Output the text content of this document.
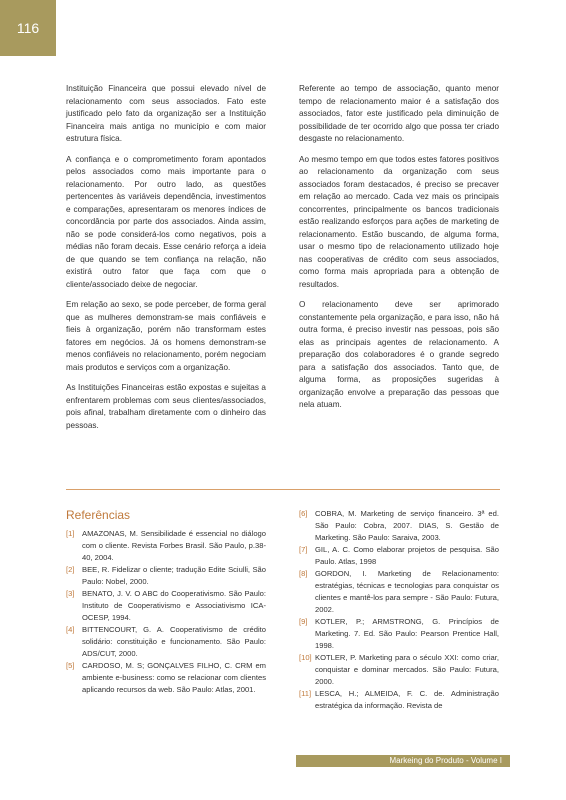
116

Instituição Financeira que possui elevado nível de relacionamento com seus associados. Fato este justificado pelo fato da organização ser a Instituição Financeira mais antiga no município e com maior estrutura física.

A confiança e o comprometimento foram apontados pelos associados como mais importante para o relacionamento. Por outro lado, as questões pertencentes às variáveis dependência, investimentos e comparações, apresentaram os menores índices de concordância por parte dos associados. Ainda assim, não se pode considerá-los como negativos, pois a médias não foram decais. Esse cenário reforça a ideia de que quando se tem confiança na relação, não existirá outro fator que faça com que o cliente/associado deixe de negociar.

Em relação ao sexo, se pode perceber, de forma geral que as mulheres demonstram-se mais confiáveis e fieis à organização, porém não transformam estes fatores em negócios. Já os homens demonstram-se menos confiáveis no relacionamento, porém negociam mais produtos e serviços com a organização.

As Instituições Financeiras estão expostas e sujeitas a enfrentarem problemas com seus clientes/associados, pois afinal, trabalham diretamente com o dinheiro das pessoas.

Referente ao tempo de associação, quanto menor tempo de relacionamento maior é a satisfação dos associados, fator este justificado pela diminuição de possibilidade de ter ocorrido algo que possa ter criado desgaste no relacionamento.

Ao mesmo tempo em que todos estes fatores positivos ao relacionamento da organização com seus associados foram destacados, é preciso se precaver em relação ao mercado. Cada vez mais os principais concorrentes, principalmente os bancos tradicionais estão realizando esforços para ações de marketing de relacionamento. Estão buscando, de alguma forma, usar o mesmo tipo de relacionamento utilizado hoje nas cooperativas de crédito com seus associados, como forma mais apropriada para a obtenção de resultados.

O relacionamento deve ser aprimorado constantemente pela organização, e para isso, não há outra forma, é preciso investir nas pessoas, pois são elas as principais agentes de relacionamento. A preparação dos colaboradores é o grande segredo para a satisfação dos associados. Tanto que, de alguma forma, as proposições sugeridas à organização envolve a preparação das pessoas que nela atuam.

Referências
[1] AMAZONAS, M. Sensibilidade é essencial no diálogo com o cliente. Revista Forbes Brasil. São Paulo, p.38-40, 2004.
[2] BEE, R. Fidelizar o cliente; tradução Edite Sciulli, São Paulo: Nobel, 2000.
[3] BENATO, J. V. O ABC do Cooperativismo. São Paulo: Instituto de Cooperativismo e Associativismo ICA-OCESP, 1994.
[4] BITTENCOURT, G. A. Cooperativismo de crédito solidário: constituição e funcionamento. São Paulo: ADS/CUT, 2000.
[5] CARDOSO, M. S; GONÇALVES FILHO, C. CRM em ambiente e-business: como se relacionar com clientes aplicando recursos da web. São Paulo: Atlas, 2001.
[6] COBRA, M. Marketing de serviço financeiro. 3ª ed. São Paulo: Cobra, 2007. DIAS, S. Gestão de Marketing. São Paulo: Saraiva, 2003.
[7] GIL, A. C. Como elaborar projetos de pesquisa. São Paulo. Atlas, 1998
[8] GORDON, I. Marketing de Relacionamento: estratégias, técnicas e tecnologias para conquistar os clientes e mantê-los para sempre - São Paulo: Futura, 2002.
[9] KOTLER, P.; ARMSTRONG, G. Princípios de Marketing. 7. Ed. São Paulo: Pearson Prentice Hall, 1998.
[10] KOTLER, P. Marketing para o século XXI: como criar, conquistar e dominar mercados. São Paulo: Futura, 2000.
[11] LESCA, H.; ALMEIDA, F. C. de. Administração estratégica da informação. Revista de
Markeing do Produto - Volume I
